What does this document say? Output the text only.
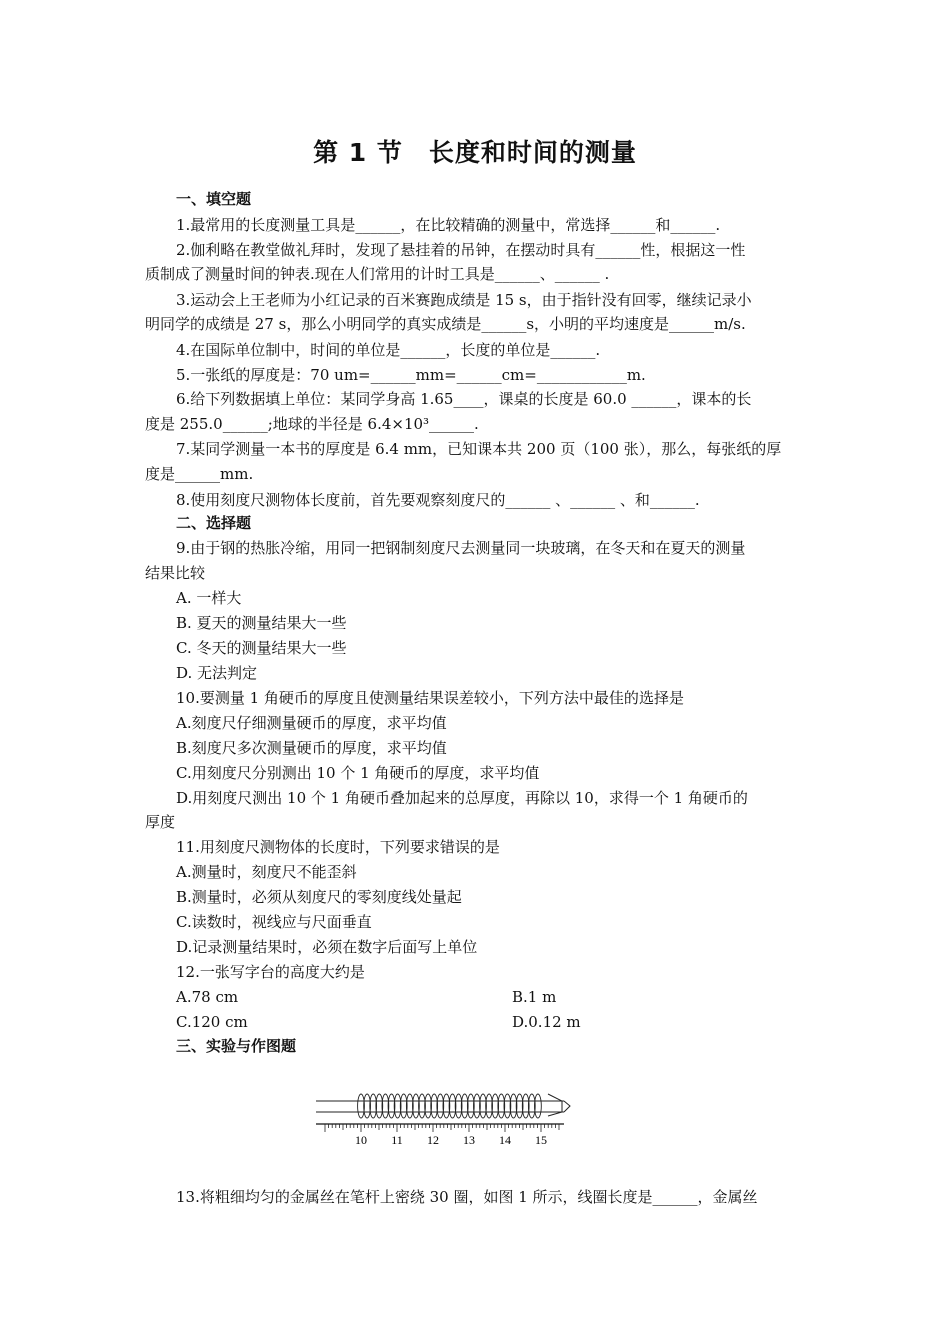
第 1 节　长度和时间的测量
一、填空题
1.最常用的长度测量工具是______，在比较精确的测量中，常选择______和______.
2.伽利略在教堂做礼拜时，发现了悬挂着的吊钟，在摆动时具有______性，根据这一性
质制成了测量时间的钟表.现在人们常用的计时工具是______、______ .
3.运动会上王老师为小红记录的百米赛跑成绩是 15 s，由于指针没有回零，继续记录小
明同学的成绩是 27 s，那么小明同学的真实成绩是______s，小明的平均速度是______m/s.
4.在国际单位制中，时间的单位是______，长度的单位是______.
5.一张纸的厚度是：70 um=______mm=______cm=____________m.
6.给下列数据填上单位：某同学身高 1.65____，课桌的长度是 60.0 ______，课本的长
度是 255.0______;地球的半径是 6.4×10³______.
7.某同学测量一本书的厚度是 6.4 mm，已知课本共 200 页（100 张），那么，每张纸的厚
度是______mm.
8.使用刻度尺测物体长度前，首先要观察刻度尺的______ 、______ 、和______.
二、选择题
9.由于钢的热胀冷缩，用同一把钢制刻度尺去测量同一块玻璃，在冬天和在夏天的测量
结果比较
A. 一样大
B. 夏天的测量结果大一些
C. 冬天的测量结果大一些
D. 无法判定
10.要测量 1 角硬币的厚度且使测量结果误差较小，下列方法中最佳的选择是
A.刻度尺仔细测量硬币的厚度，求平均值
B.刻度尺多次测量硬币的厚度，求平均值
C.用刻度尺分别测出 10 个 1 角硬币的厚度，求平均值
D.用刻度尺测出 10 个 1 角硬币叠加起来的总厚度，再除以 10，求得一个 1 角硬币的
厚度
11.用刻度尺测物体的长度时，下列要求错误的是
A.测量时，刻度尺不能歪斜
B.测量时，必须从刻度尺的零刻度线处量起
C.读数时，视线应与尺面垂直
D.记录测量结果时，必须在数字后面写上单位
12.一张写字台的高度大约是
A.78 cm	B.1 m
C.120 cm	D.0.12 m
三、实验与作图题
10 11 12 13 14 15
13.将粗细均匀的金属丝在笔杆上密绕 30 圈，如图 1 所示，线圈长度是______，金属丝
